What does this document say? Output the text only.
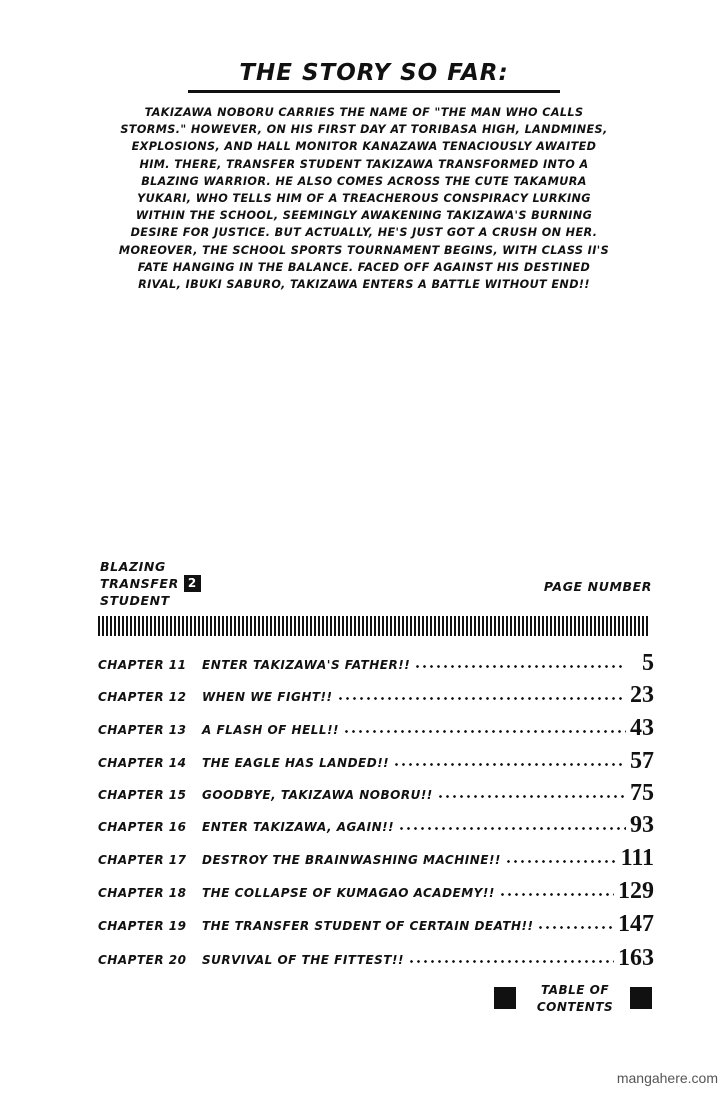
THE STORY SO FAR:
TAKIZAWA NOBORU CARRIES THE NAME OF "THE MAN WHO CALLS
STORMS." HOWEVER, ON HIS FIRST DAY AT TORIBASA HIGH, LANDMINES,
EXPLOSIONS, AND HALL MONITOR KANAZAWA TENACIOUSLY AWAITED
HIM. THERE, TRANSFER STUDENT TAKIZAWA TRANSFORMED INTO A
BLAZING WARRIOR. HE ALSO COMES ACROSS THE CUTE TAKAMURA
YUKARI, WHO TELLS HIM OF A TREACHEROUS CONSPIRACY LURKING
WITHIN THE SCHOOL, SEEMINGLY AWAKENING TAKIZAWA'S BURNING
DESIRE FOR JUSTICE. BUT ACTUALLY, HE'S JUST GOT A CRUSH ON HER.
MOREOVER, THE SCHOOL SPORTS TOURNAMENT BEGINS, WITH CLASS II'S
FATE HANGING IN THE BALANCE. FACED OFF AGAINST HIS DESTINED
RIVAL, IBUKI SABURO, TAKIZAWA ENTERS A BATTLE WITHOUT END!!
BLAZING
TRANSFER 2
STUDENT
PAGE NUMBER
CHAPTER 11	ENTER TAKIZAWA'S FATHER!!	5
CHAPTER 12	WHEN WE FIGHT!!	23
CHAPTER 13	A FLASH OF HELL!!	43
CHAPTER 14	THE EAGLE HAS LANDED!!	57
CHAPTER 15	GOODBYE, TAKIZAWA NOBORU!!	75
CHAPTER 16	ENTER TAKIZAWA, AGAIN!!	93
CHAPTER 17	DESTROY THE BRAINWASHING MACHINE!!	111
CHAPTER 18	THE COLLAPSE OF KUMAGAO ACADEMY!!	129
CHAPTER 19	THE TRANSFER STUDENT OF CERTAIN DEATH!!	147
CHAPTER 20	SURVIVAL OF THE FITTEST!!	163
TABLE OF
CONTENTS
mangahere.com
